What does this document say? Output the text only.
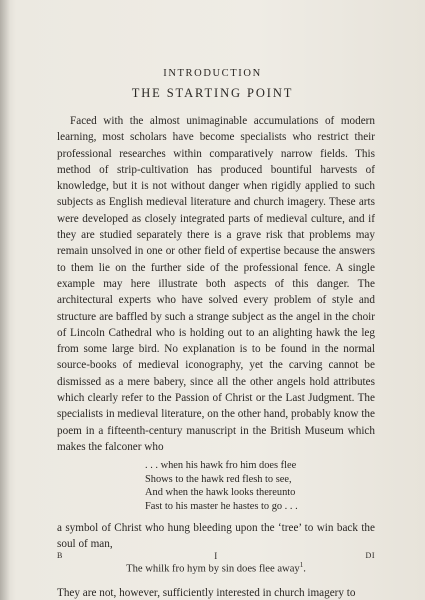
INTRODUCTION
THE STARTING POINT

Faced with the almost unimaginable accumulations of modern learning, most scholars have become specialists who restrict their professional researches within comparatively narrow fields. This method of strip-cultivation has produced bountiful harvests of knowledge, but it is not without danger when rigidly applied to such subjects as English medieval literature and church imagery. These arts were developed as closely integrated parts of medieval culture, and if they are studied separately there is a grave risk that problems may remain unsolved in one or other field of expertise because the answers to them lie on the further side of the professional fence. A single example may here illustrate both aspects of this danger. The architectural experts who have solved every problem of style and structure are baffled by such a strange subject as the angel in the choir of Lincoln Cathedral who is holding out to an alighting hawk the leg from some large bird. No explanation is to be found in the normal source-books of medieval iconography, yet the carving cannot be dismissed as a mere babery, since all the other angels hold attributes which clearly refer to the Passion of Christ or the Last Judgment. The specialists in medieval literature, on the other hand, probably know the poem in a fifteenth-century manuscript in the British Museum which makes the falconer who

. . . when his hawk fro him does flee
Shows to the hawk red flesh to see,
And when the hawk looks thereunto
Fast to his master he hastes to go . . .

a symbol of Christ who hung bleeding upon the ‘tree’ to win back the soul of man,

The whilk fro hym by sin does flee away$^1$.

They are not, however, sufficiently interested in church imagery to

B	I	DI
